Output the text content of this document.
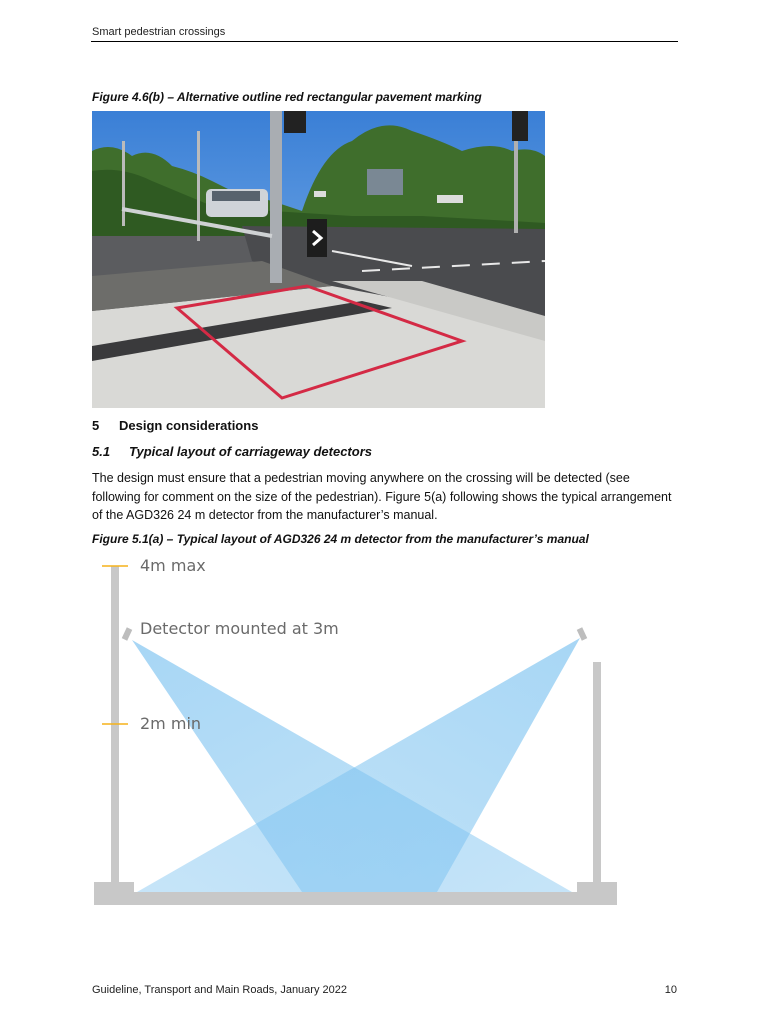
Smart pedestrian crossings
Figure 4.6(b) – Alternative outline red rectangular pavement marking
5 Design considerations
5.1 Typical layout of carriageway detectors
The design must ensure that a pedestrian moving anywhere on the crossing will be detected (see following for comment on the size of the pedestrian). Figure 5(a) following shows the typical arrangement of the AGD326 24 m detector from the manufacturer’s manual.
Figure 5.1(a) – Typical layout of AGD326 24 m detector from the manufacturer’s manual
4m max
Detector mounted at 3m
2m min
Guideline, Transport and Main Roads, January 2022	10
